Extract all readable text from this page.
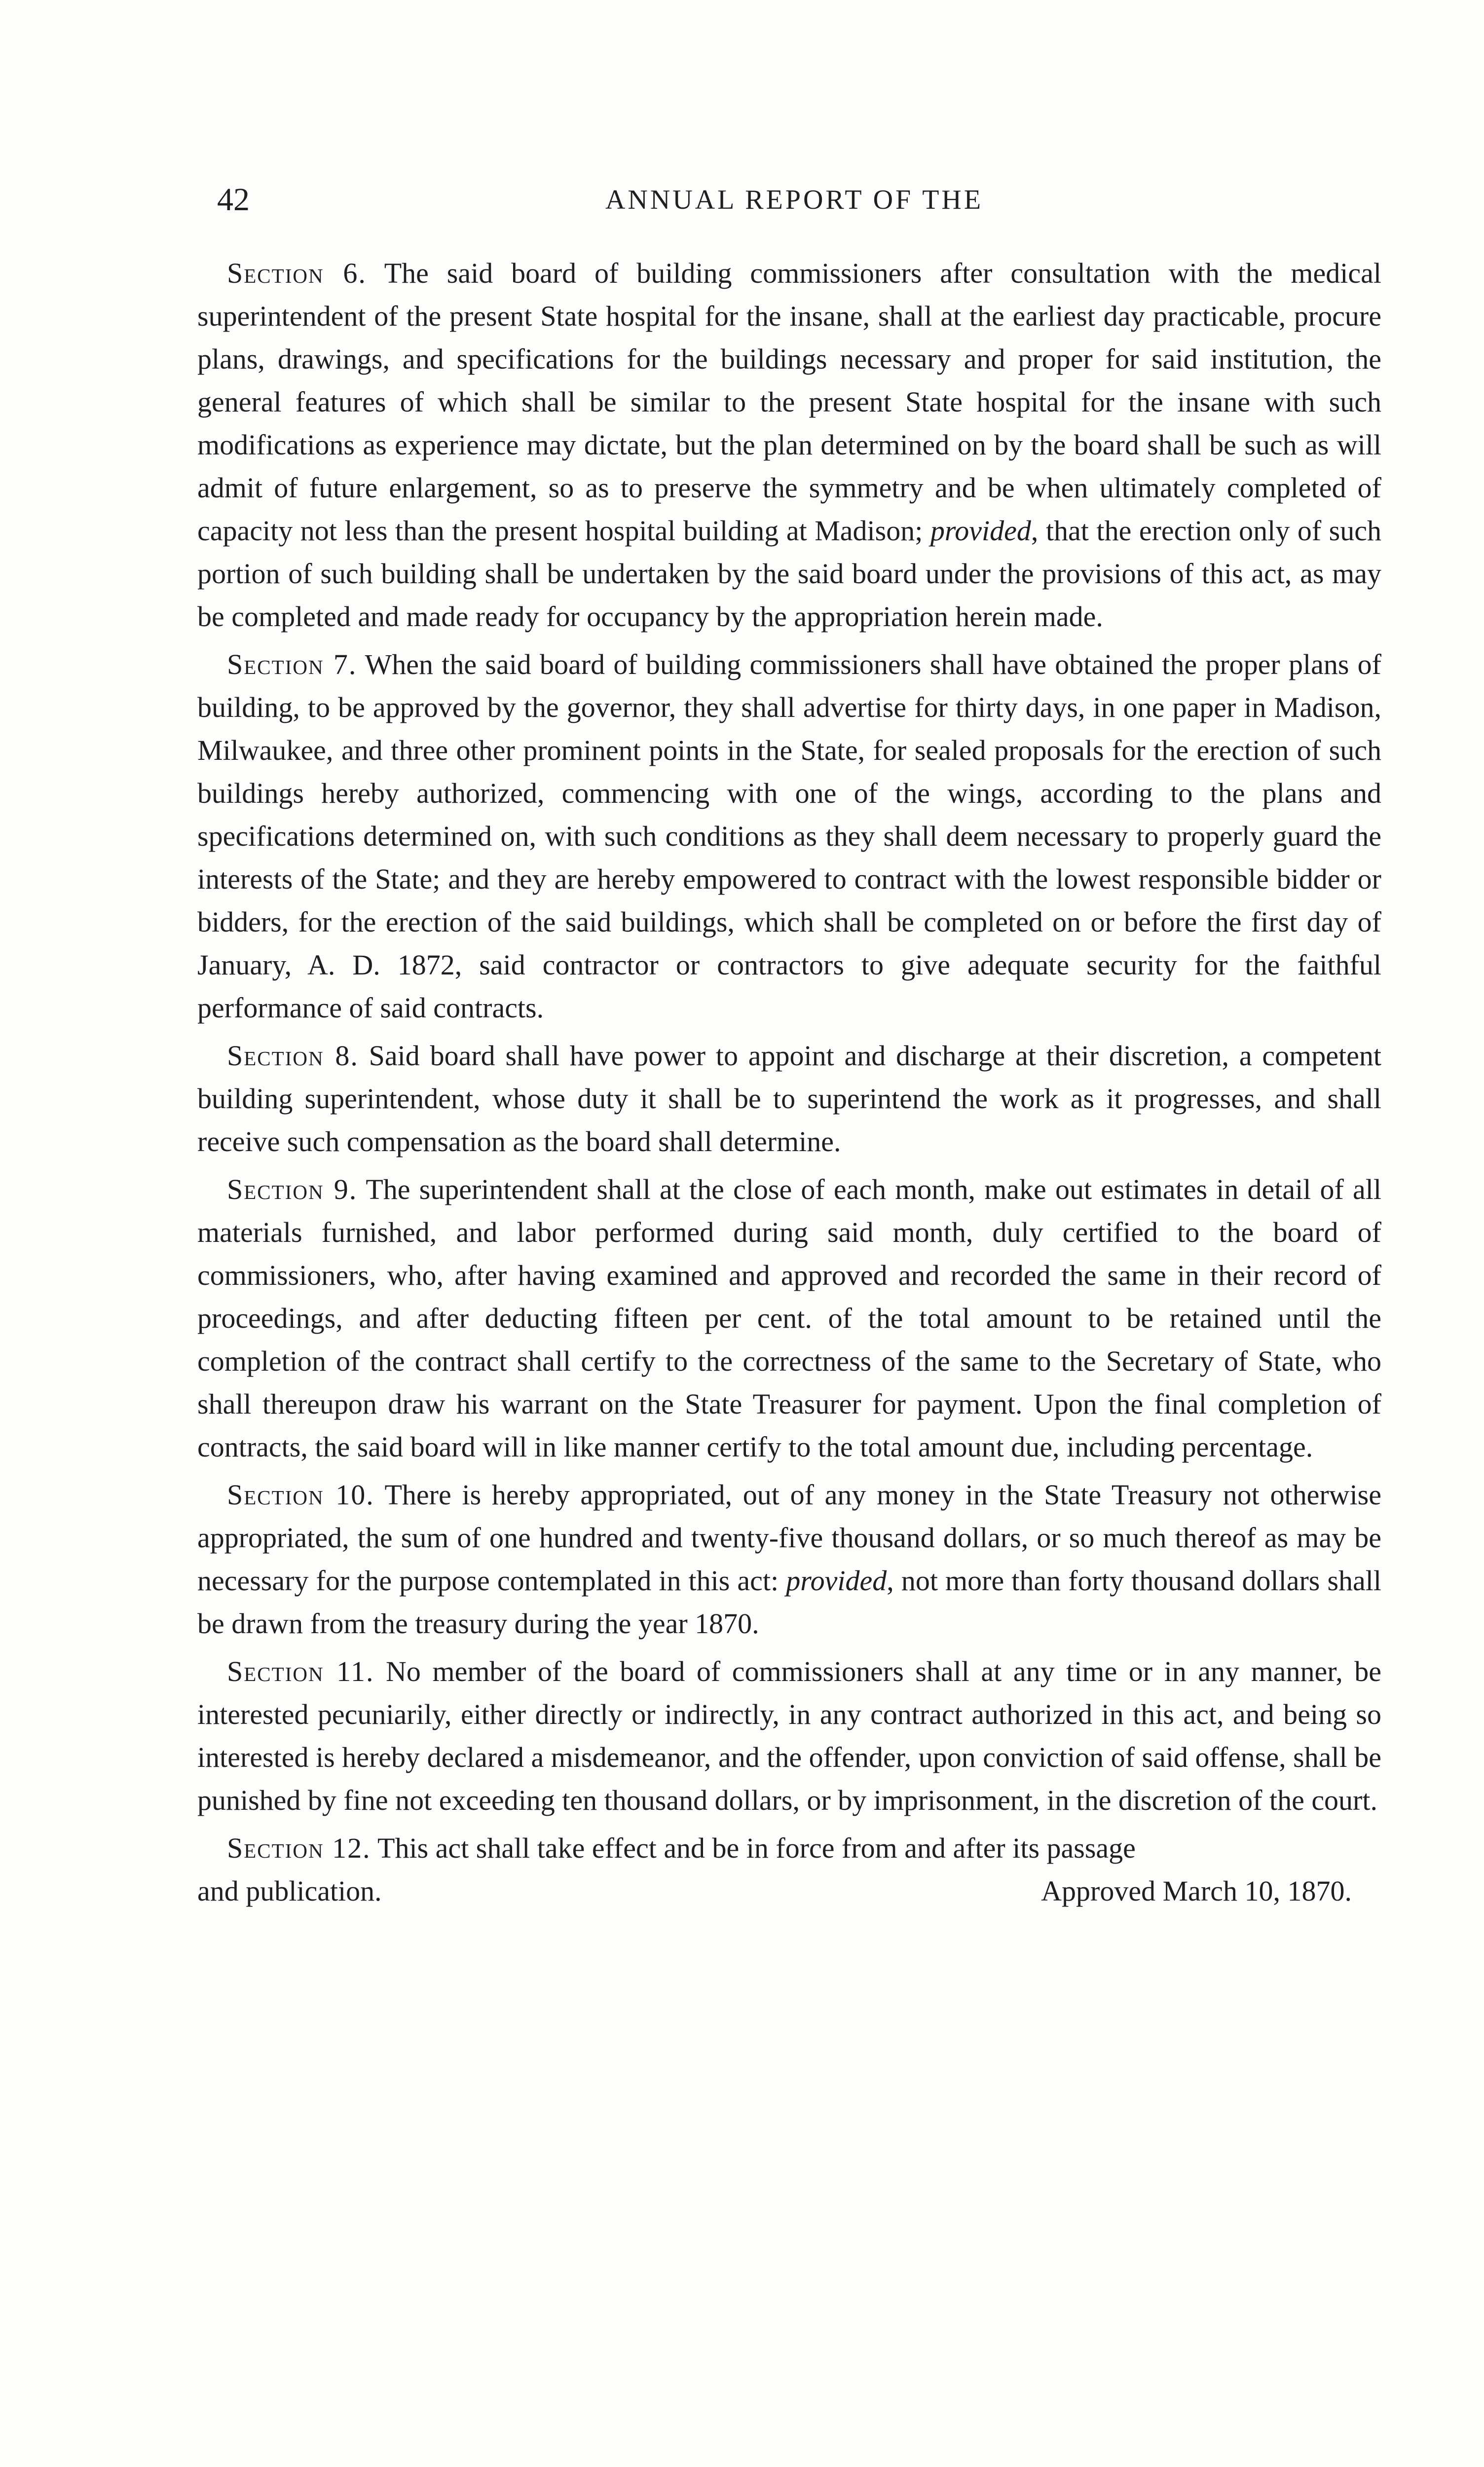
42	ANNUAL REPORT OF THE

Section 6. The said board of building commissioners after consultation with the medical superintendent of the present State hospital for the insane, shall at the earliest day practicable, procure plans, drawings, and specifications for the buildings necessary and proper for said institution, the general features of which shall be similar to the present State hospital for the insane with such modifications as experience may dictate, but the plan determined on by the board shall be such as will admit of future enlargement, so as to preserve the symmetry and be when ultimately completed of capacity not less than the present hospital building at Madison; provided, that the erection only of such portion of such building shall be undertaken by the said board under the provisions of this act, as may be completed and made ready for occupancy by the appropriation herein made.

Section 7. When the said board of building commissioners shall have obtained the proper plans of building, to be approved by the governor, they shall advertise for thirty days, in one paper in Madison, Milwaukee, and three other prominent points in the State, for sealed proposals for the erection of such buildings hereby authorized, commencing with one of the wings, according to the plans and specifications determined on, with such conditions as they shall deem necessary to properly guard the interests of the State; and they are hereby empowered to contract with the lowest responsible bidder or bidders, for the erection of the said buildings, which shall be completed on or before the first day of January, A. D. 1872, said contractor or contractors to give adequate security for the faithful performance of said contracts.

Section 8. Said board shall have power to appoint and discharge at their discretion, a competent building superintendent, whose duty it shall be to superintend the work as it progresses, and shall receive such compensation as the board shall determine.

Section 9. The superintendent shall at the close of each month, make out estimates in detail of all materials furnished, and labor performed during said month, duly certified to the board of commissioners, who, after having examined and approved and recorded the same in their record of proceedings, and after deducting fifteen per cent. of the total amount to be retained until the completion of the contract shall certify to the correctness of the same to the Secretary of State, who shall thereupon draw his warrant on the State Treasurer for payment. Upon the final completion of contracts, the said board will in like manner certify to the total amount due, including percentage.

Section 10. There is hereby appropriated, out of any money in the State Treasury not otherwise appropriated, the sum of one hundred and twenty-five thousand dollars, or so much thereof as may be necessary for the purpose contemplated in this act: provided, not more than forty thousand dollars shall be drawn from the treasury during the year 1870.

Section 11. No member of the board of commissioners shall at any time or in any manner, be interested pecuniarily, either directly or indirectly, in any contract authorized in this act, and being so interested is hereby declared a misdemeanor, and the offender, upon conviction of said offense, shall be punished by fine not exceeding ten thousand dollars, or by imprisonment, in the discretion of the court.

Section 12. This act shall take effect and be in force from and after its passage

and publication.	Approved March 10, 1870.
